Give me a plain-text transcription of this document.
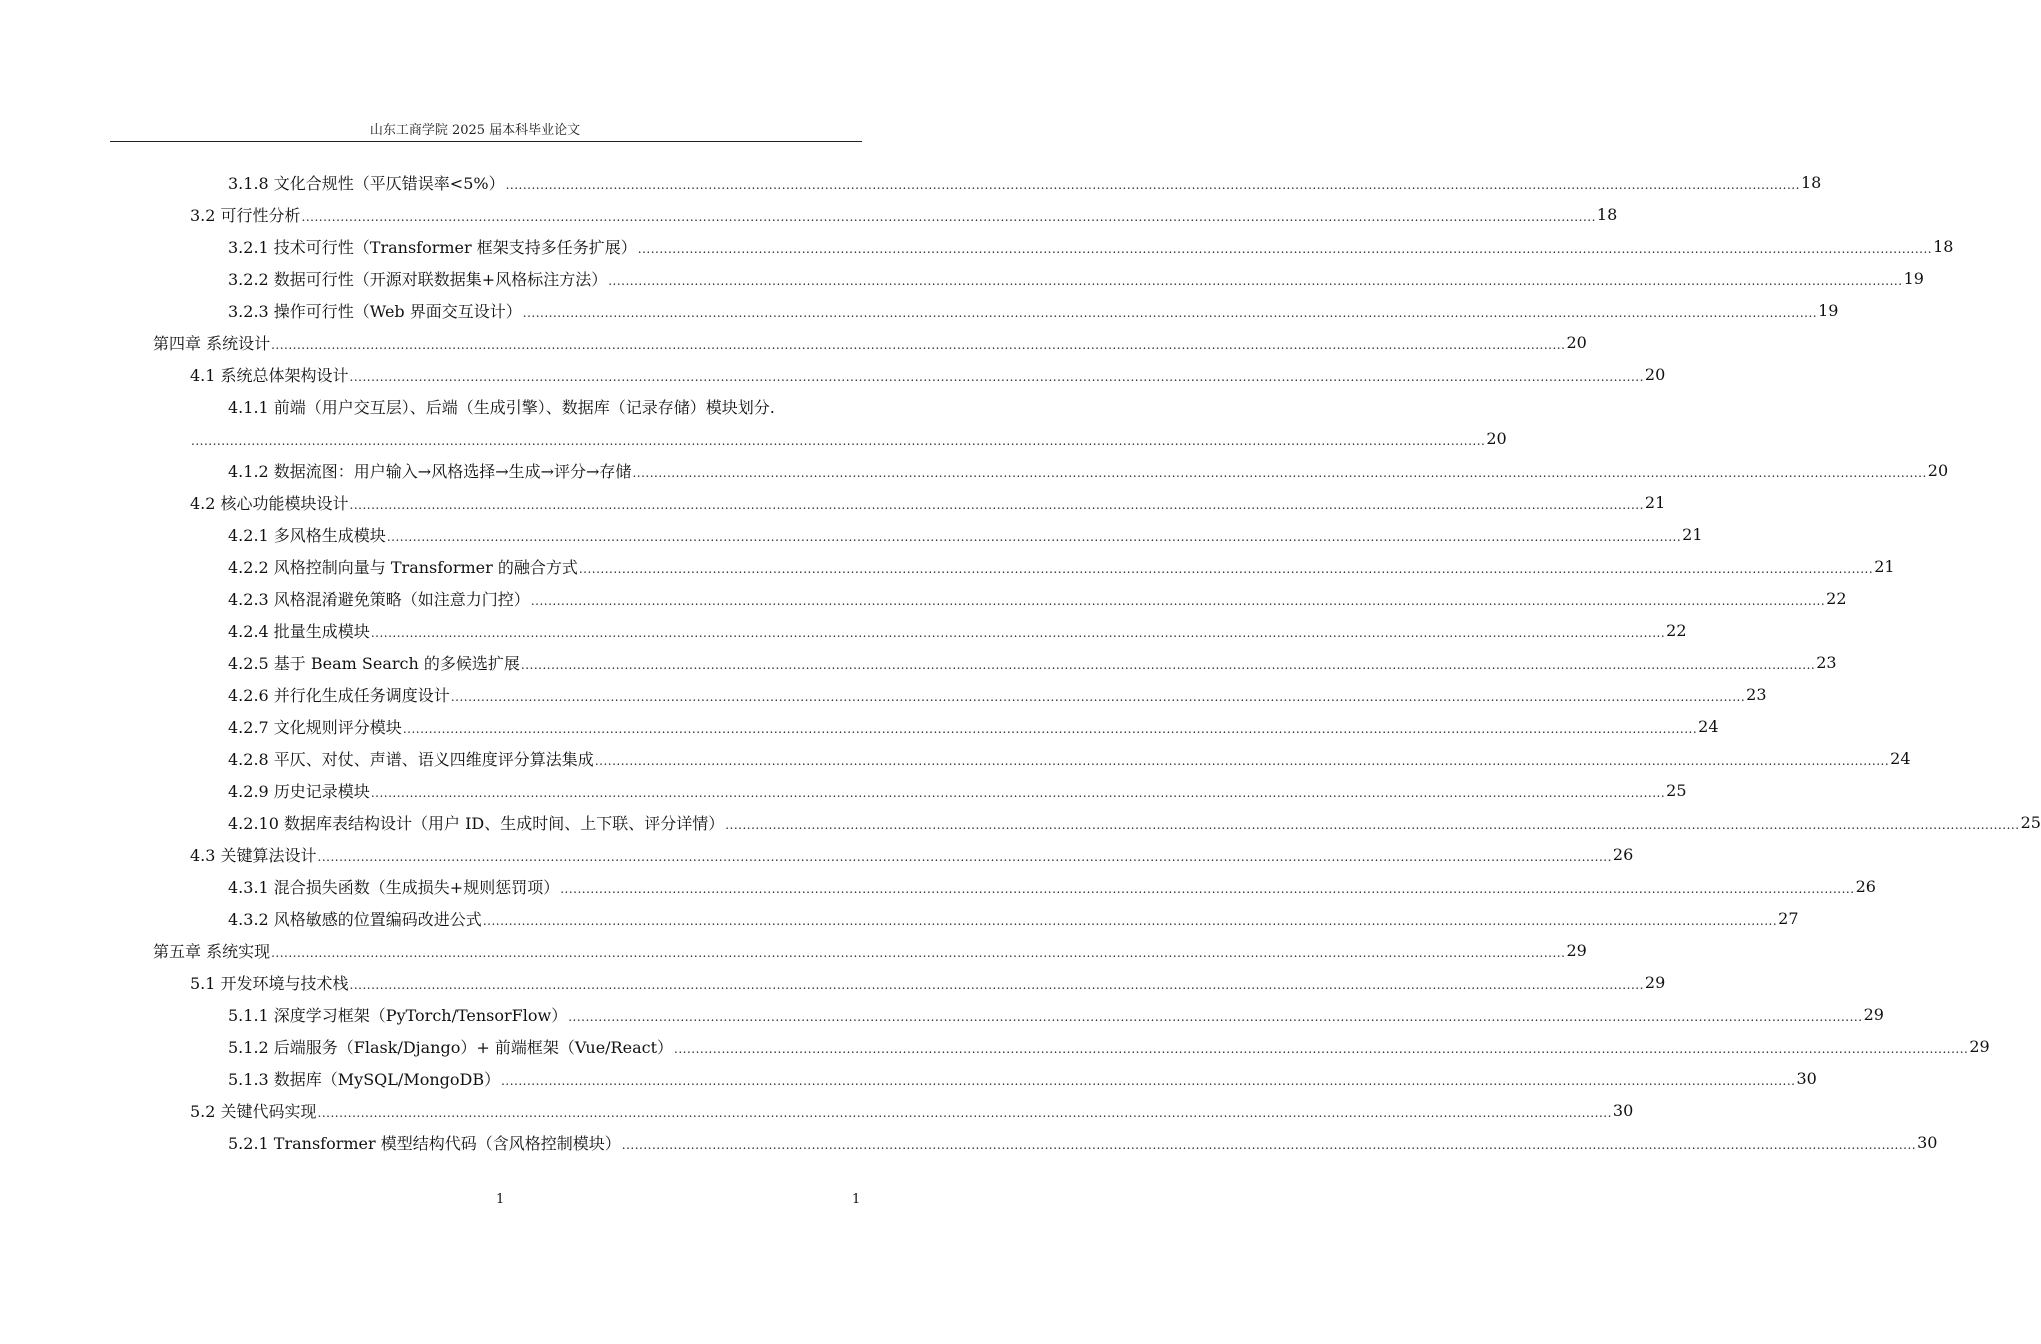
山东工商学院 2025 届本科毕业论文
3.1.8 文化合规性（平仄错误率<5%） ............................................................................................................................................................................................................................................................................................................ 18
3.2 可行性分析 ............................................................................................................................................................................................................................................................................................................ 18
3.2.1 技术可行性（Transformer 框架支持多任务扩展） ............................................................................................................................................................................................................................................................................................................ 18
3.2.2 数据可行性（开源对联数据集+风格标注方法） ............................................................................................................................................................................................................................................................................................................ 19
3.2.3 操作可行性（Web 界面交互设计） ............................................................................................................................................................................................................................................................................................................ 19
第四章 系统设计 ............................................................................................................................................................................................................................................................................................................ 20
4.1 系统总体架构设计 ............................................................................................................................................................................................................................................................................................................ 20
4.1.1 前端（用户交互层）、后端（生成引擎）、数据库（记录存储）模块划分.
............................................................................................................................................................................................................................................................................................................ 20
4.1.2 数据流图：用户输入→风格选择→生成→评分→存储 ............................................................................................................................................................................................................................................................................................................ 20
4.2 核心功能模块设计 ............................................................................................................................................................................................................................................................................................................ 21
4.2.1 多风格生成模块 ............................................................................................................................................................................................................................................................................................................ 21
4.2.2 风格控制向量与 Transformer 的融合方式 ............................................................................................................................................................................................................................................................................................................ 21
4.2.3 风格混淆避免策略（如注意力门控） ............................................................................................................................................................................................................................................................................................................ 22
4.2.4 批量生成模块 ............................................................................................................................................................................................................................................................................................................ 22
4.2.5 基于 Beam Search 的多候选扩展 ............................................................................................................................................................................................................................................................................................................ 23
4.2.6 并行化生成任务调度设计 ............................................................................................................................................................................................................................................................................................................ 23
4.2.7 文化规则评分模块 ............................................................................................................................................................................................................................................................................................................ 24
4.2.8 平仄、对仗、声谱、语义四维度评分算法集成 ............................................................................................................................................................................................................................................................................................................ 24
4.2.9 历史记录模块 ............................................................................................................................................................................................................................................................................................................ 25
4.2.10 数据库表结构设计（用户 ID、生成时间、上下联、评分详情） ............................................................................................................................................................................................................................................................................................................ 25
4.3 关键算法设计 ............................................................................................................................................................................................................................................................................................................ 26
4.3.1 混合损失函数（生成损失+规则惩罚项） ............................................................................................................................................................................................................................................................................................................ 26
4.3.2 风格敏感的位置编码改进公式 ............................................................................................................................................................................................................................................................................................................ 27
第五章 系统实现 ............................................................................................................................................................................................................................................................................................................ 29
5.1 开发环境与技术栈 ............................................................................................................................................................................................................................................................................................................ 29
5.1.1 深度学习框架（PyTorch/TensorFlow） ............................................................................................................................................................................................................................................................................................................ 29
5.1.2 后端服务（Flask/Django）+ 前端框架（Vue/React） ............................................................................................................................................................................................................................................................................................................ 29
5.1.3 数据库（MySQL/MongoDB） ............................................................................................................................................................................................................................................................................................................ 30
5.2 关键代码实现 ............................................................................................................................................................................................................................................................................................................ 30
5.2.1 Transformer 模型结构代码（含风格控制模块） ............................................................................................................................................................................................................................................................................................................ 30
1	1
